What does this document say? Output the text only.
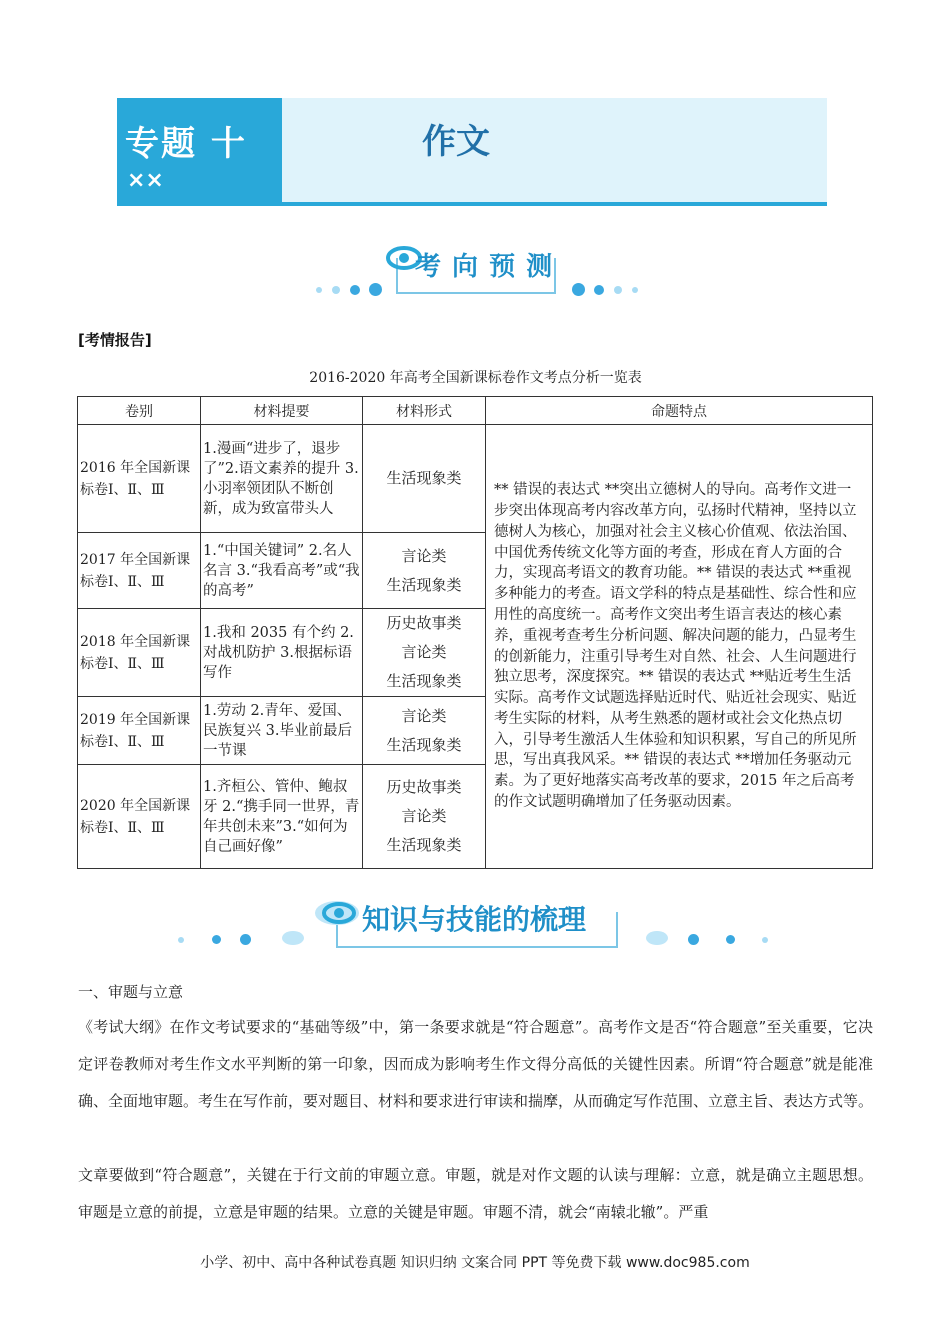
专题 十
××
作文
考 向 预 测
[考情报告]
2016-2020 年高考全国新课标卷作文考点分析一览表
卷别	材料提要	材料形式	命题特点
2016 年全国新课标卷Ⅰ、Ⅱ、Ⅲ	1.漫画“进步了，退步了”2.语文素养的提升 3.小羽率领团队不断创新，成为致富带头人	生活现象类	** 错误的表达式 **突出立德树人的导向。高考作文进一步突出体现高考内容改革方向，弘扬时代精神，坚持以立德树人为核心，加强对社会主义核心价值观、依法治国、中国优秀传统文化等方面的考查，形成在育人方面的合力，实现高考语文的教育功能。** 错误的表达式 **重视多种能力的考查。语文学科的特点是基础性、综合性和应用性的高度统一。高考作文突出考生语言表达的核心素养，重视考查考生分析问题、解决问题的能力，凸显考生的创新能力，注重引导考生对自然、社会、人生问题进行独立思考，深度探究。** 错误的表达式 **贴近考生生活实际。高考作文试题选择贴近时代、贴近社会现实、贴近考生实际的材料，从考生熟悉的题材或社会文化热点切入，引导考生激活人生体验和知识积累，写自己的所见所思，写出真我风采。** 错误的表达式 **增加任务驱动元素。为了更好地落实高考改革的要求，2015 年之后高考的作文试题明确增加了任务驱动因素。
2017 年全国新课标卷Ⅰ、Ⅱ、Ⅲ	1.“中国关键词” 2.名人名言 3.“我看高考”或“我的高考”	言论类
生活现象类	

2018 年全国新课标卷Ⅰ、Ⅱ、Ⅲ	1.我和 2035 有个约 2.对战机防护 3.根据标语写作	历史故事类
言论类
生活现象类	

2019 年全国新课标卷Ⅰ、Ⅱ、Ⅲ	1.劳动 2.青年、爱国、民族复兴 3.毕业前最后一节课	言论类
生活现象类	

2020 年全国新课标卷Ⅰ、Ⅱ、Ⅲ	1.齐桓公、管仲、鲍叔牙 2.“携手同一世界，青年共创未来”3.“如何为自己画好像”	历史故事类
言论类
生活现象类	
知识与技能的梳理
一、审题与立意
《考试大纲》在作文考试要求的“基础等级”中，第一条要求就是“符合题意”。高考作文是否“符合题意”至关重要，它决定评卷教师对考生作文水平判断的第一印象，因而成为影响考生作文得分高低的关键性因素。所谓“符合题意”就是能准确、全面地审题。考生在写作前，要对题目、材料和要求进行审读和揣摩，从而确定写作范围、立意主旨、表达方式等。
文章要做到“符合题意”，关键在于行文前的审题立意。审题，就是对作文题的认读与理解：立意，就是确立主题思想。审题是立意的前提，立意是审题的结果。立意的关键是审题。审题不清，就会“南辕北辙”。严重
小学、初中、高中各种试卷真题 知识归纳 文案合同 PPT 等免费下载 www.doc985.com
